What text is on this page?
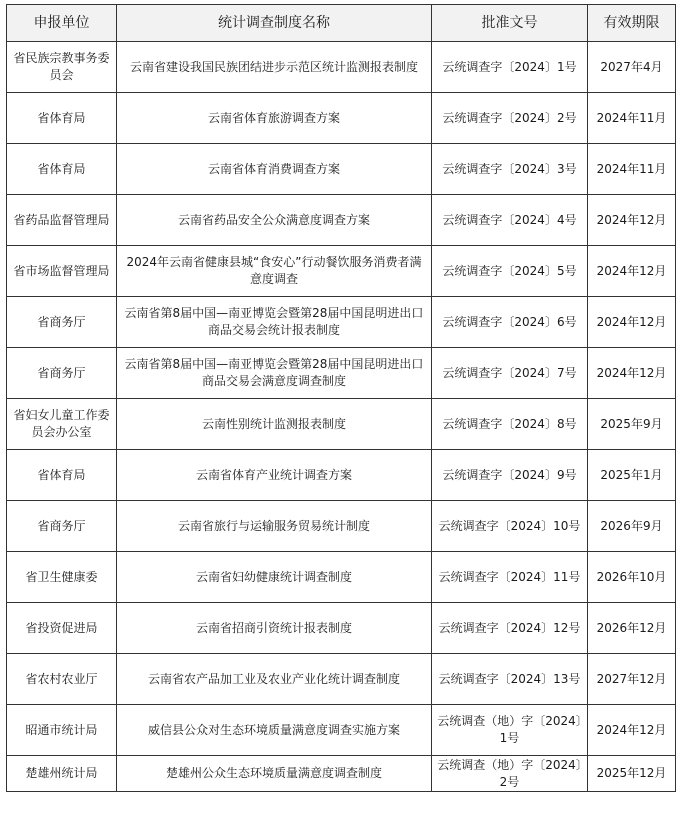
申报单位	统计调查制度名称	批准文号	有效期限
省民族宗教事务委员会	云南省建设我国民族团结进步示范区统计监测报表制度	云统调查字〔2024〕1号	2027年4月
省体育局	云南省体育旅游调查方案	云统调查字〔2024〕2号	2024年11月
省体育局	云南省体育消费调查方案	云统调查字〔2024〕3号	2024年11月
省药品监督管理局	云南省药品安全公众满意度调查方案	云统调查字〔2024〕4号	2024年12月
省市场监督管理局	2024年云南省健康县城“食安心”行动餐饮服务消费者满意度调查	云统调查字〔2024〕5号	2024年12月
省商务厅	云南省第8届中国—南亚博览会暨第28届中国昆明进出口商品交易会统计报表制度	云统调查字〔2024〕6号	2024年12月
省商务厅	云南省第8届中国—南亚博览会暨第28届中国昆明进出口商品交易会满意度调查制度	云统调查字〔2024〕7号	2024年12月
省妇女儿童工作委员会办公室	云南性别统计监测报表制度	云统调查字〔2024〕8号	2025年9月
省体育局	云南省体育产业统计调查方案	云统调查字〔2024〕9号	2025年1月
省商务厅	云南省旅行与运输服务贸易统计制度	云统调查字〔2024〕10号	2026年9月
省卫生健康委	云南省妇幼健康统计调查制度	云统调查字〔2024〕11号	2026年10月
省投资促进局	云南省招商引资统计报表制度	云统调查字〔2024〕12号	2026年12月
省农村农业厅	云南省农产品加工业及农业产业化统计调查制度	云统调查字〔2024〕13号	2027年12月
昭通市统计局	威信县公众对生态环境质量满意度调查实施方案	云统调查（地）字〔2024〕1号	2024年12月
楚雄州统计局	楚雄州公众生态环境质量满意度调查制度	云统调查（地）字〔2024〕2号	2025年12月
